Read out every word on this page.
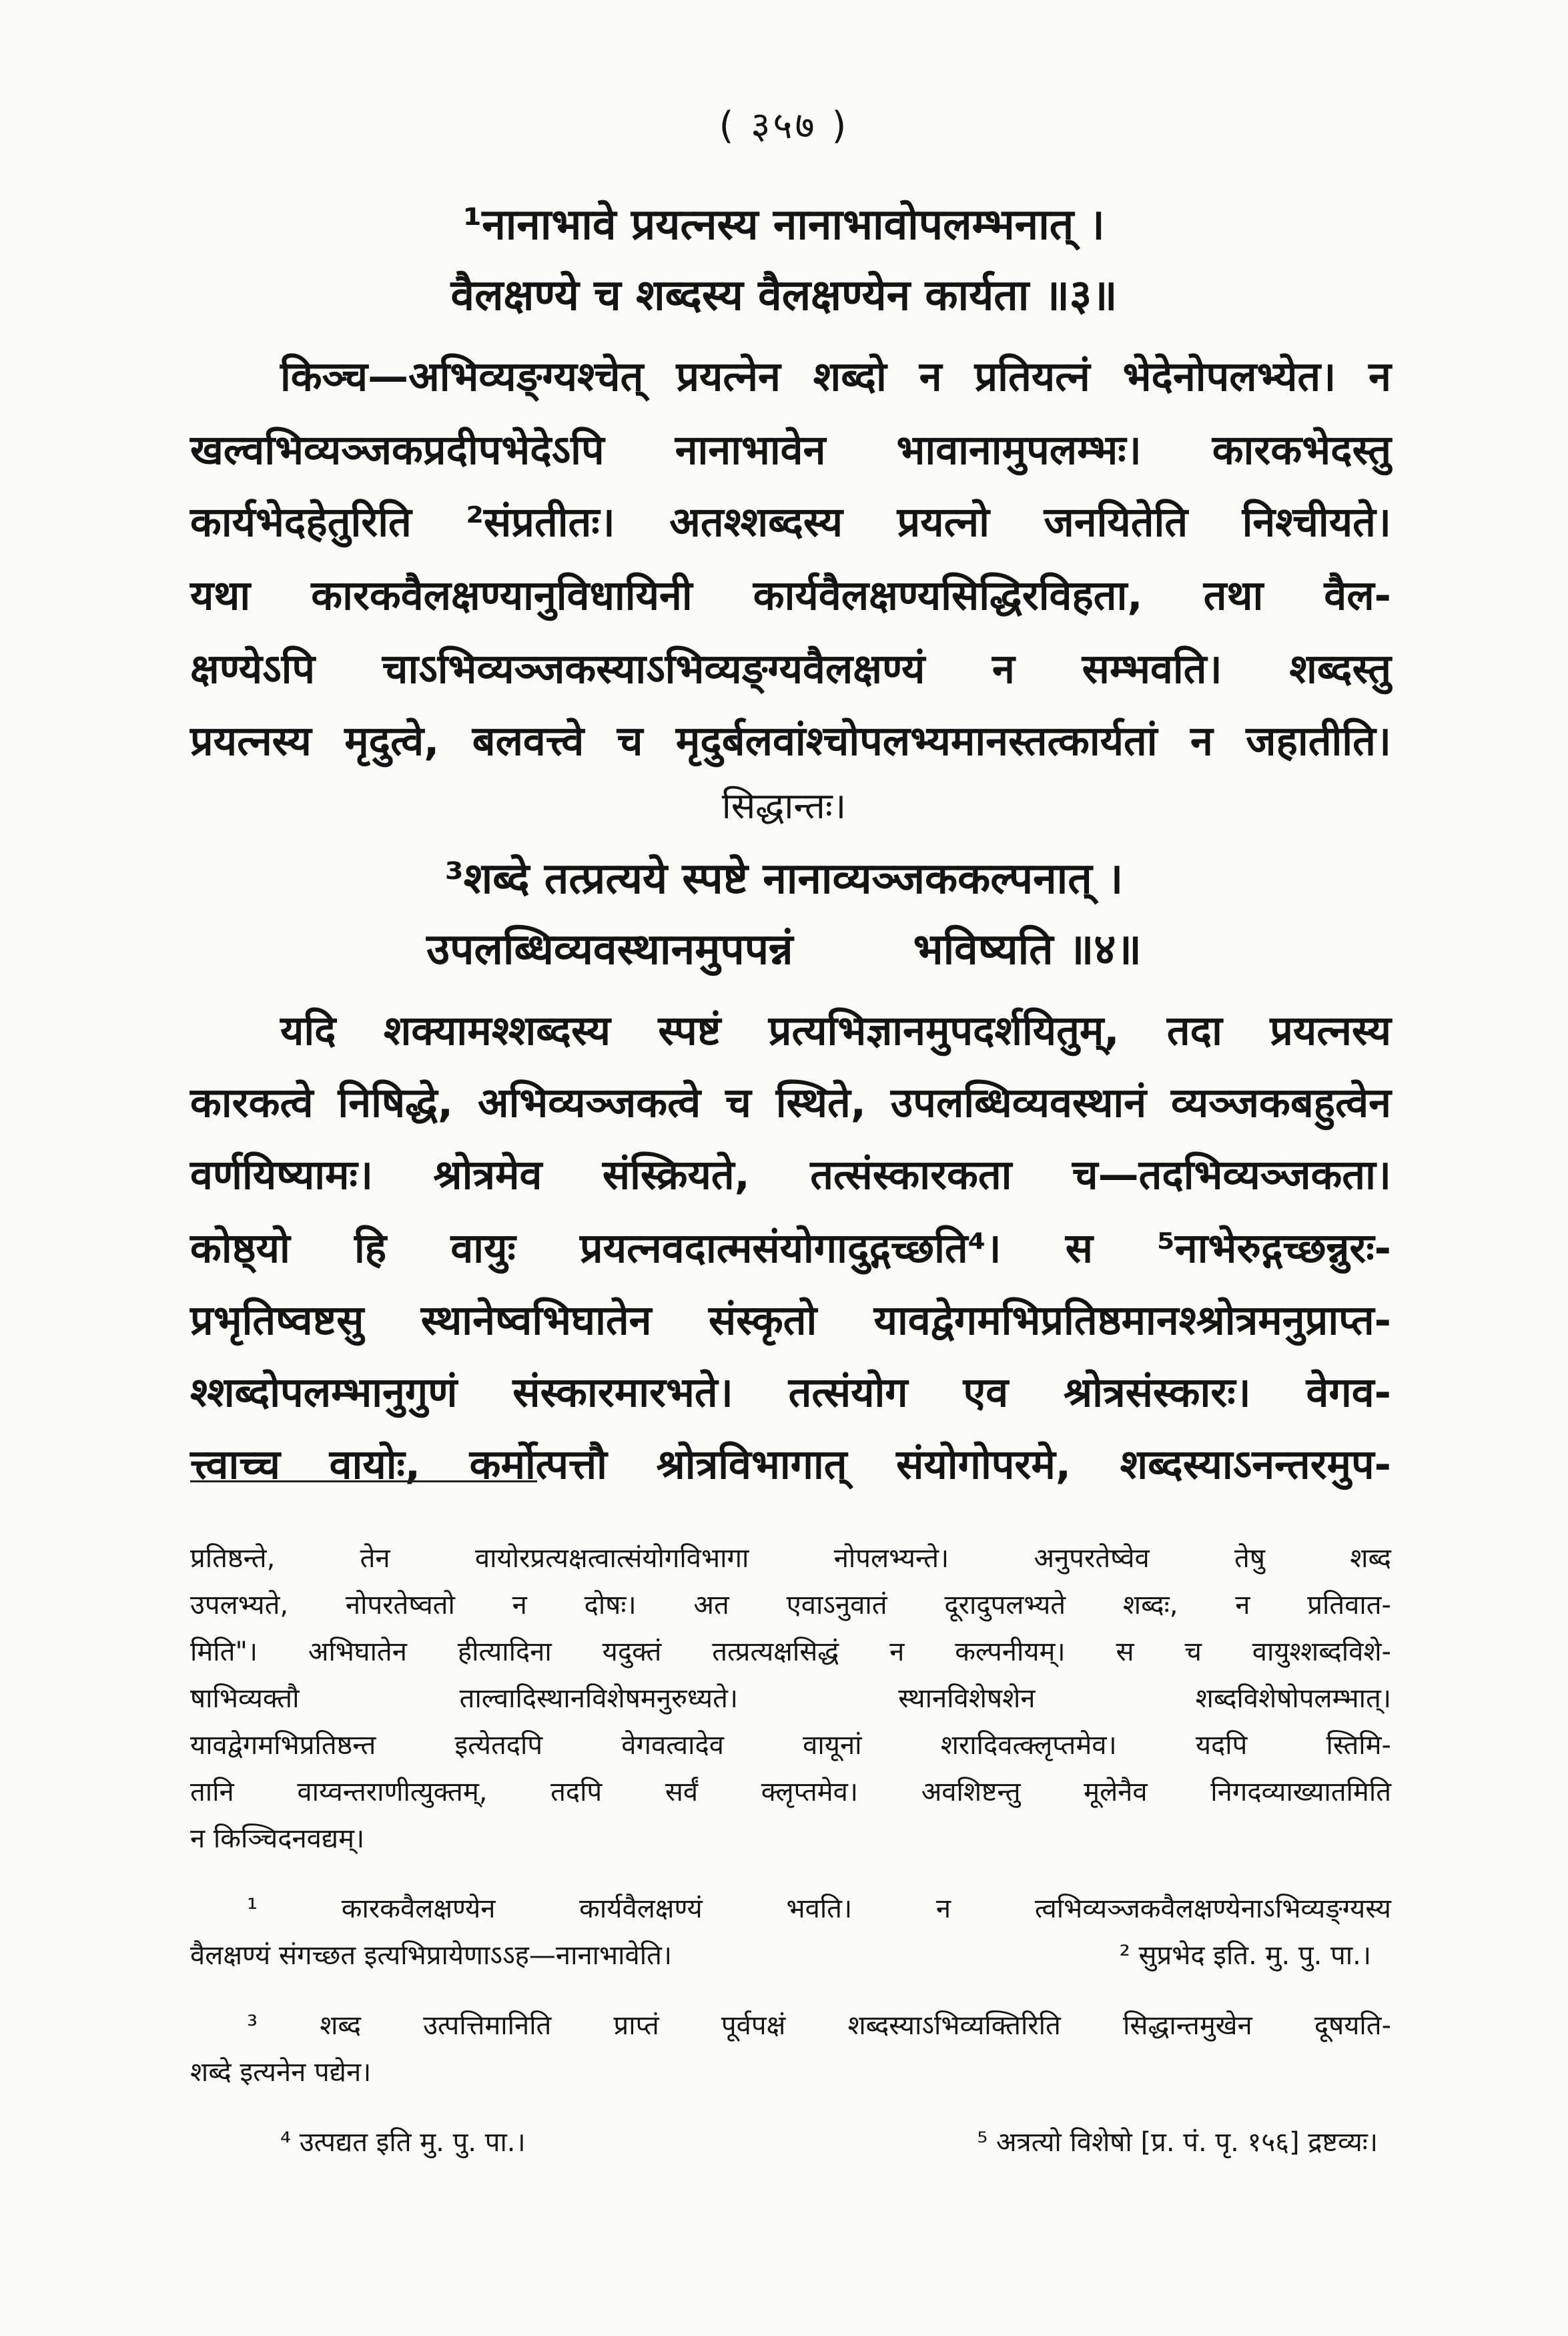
( ३५७ )
¹नानाभावे प्रयत्नस्य नानाभावोपलम्भनात् ।
वैलक्षण्ये च शब्दस्य वैलक्षण्येन कार्यता ॥३॥
किञ्च—अभिव्यङ्ग्यश्चेत् प्रयत्नेन शब्दो न प्रतियत्नं भेदेनोपलभ्येत। न
खल्वभिव्यञ्जकप्रदीपभेदेऽपि नानाभावेन भावानामुपलम्भः। कारकभेदस्तु
कार्यभेदहेतुरिति ²संप्रतीतः। अतश्शब्दस्य प्रयत्नो जनयितेति निश्चीयते।
यथा कारकवैलक्षण्यानुविधायिनी कार्यवैलक्षण्यसिद्धिरविहता, तथा वैल-
क्षण्येऽपि चाऽभिव्यञ्जकस्याऽभिव्यङ्ग्यवैलक्षण्यं न सम्भवति। शब्दस्तु
प्रयत्नस्य मृदुत्वे, बलवत्त्वे च मृदुर्बलवांश्चोपलभ्यमानस्तत्कार्यतां न जहातीति।
सिद्धान्तः।
³शब्दे तत्प्रत्यये स्पष्टे नानाव्यञ्जककल्पनात् ।
उपलब्धिव्यवस्थानमुपपन्नं	भविष्यति ॥४॥
यदि शक्यामश्शब्दस्य स्पष्टं प्रत्यभिज्ञानमुपदर्शयितुम्, तदा प्रयत्नस्य
कारकत्वे निषिद्धे, अभिव्यञ्जकत्वे च स्थिते, उपलब्धिव्यवस्थानं व्यञ्जकबहुत्वेन
वर्णयिष्यामः। श्रोत्रमेव संस्क्रियते, तत्संस्कारकता च—तदभिव्यञ्जकता।
कोष्ठ्यो हि वायुः प्रयत्नवदात्मसंयोगादुद्गच्छति⁴। स ⁵नाभेरुद्गच्छन्नुरः-
प्रभृतिष्वष्टसु स्थानेष्वभिघातेन संस्कृतो यावद्वेगमभिप्रतिष्ठमानश्श्रोत्रमनुप्राप्त-
श्शब्दोपलम्भानुगुणं संस्कारमारभते। तत्संयोग एव श्रोत्रसंस्कारः। वेगव-
त्त्वाच्च वायोः, कर्मोत्पत्तौ श्रोत्रविभागात् संयोगोपरमे, शब्दस्याऽनन्तरमुप-
प्रतिष्ठन्ते, तेन वायोरप्रत्यक्षत्वात्संयोगविभागा नोपलभ्यन्ते। अनुपरतेष्वेव तेषु शब्द
उपलभ्यते, नोपरतेष्वतो न दोषः। अत एवाऽनुवातं दूरादुपलभ्यते शब्दः, न प्रतिवात-
मिति"। अभिघातेन हीत्यादिना यदुक्तं तत्प्रत्यक्षसिद्धं न कल्पनीयम्। स च वायुश्शब्दविशे-
षाभिव्यक्तौ ताल्वादिस्थानविशेषमनुरुध्यते। स्थानविशेषशेन शब्दविशेषोपलम्भात्।
यावद्वेगमभिप्रतिष्ठन्त इत्येतदपि वेगवत्वादेव वायूनां शरादिवत्क्लृप्तमेव। यदपि स्तिमि-
तानि वाय्वन्तराणीत्युक्तम्, तदपि सर्वं क्लृप्तमेव। अवशिष्टन्तु मूलेनैव निगदव्याख्यातमिति
न किञ्चिदनवद्यम्।
¹ कारकवैलक्षण्येन कार्यवैलक्षण्यं भवति। न त्वभिव्यञ्जकवैलक्षण्येनाऽभिव्यङ्ग्यस्य
वैलक्षण्यं संगच्छत इत्यभिप्रायेणाऽऽह—नानाभावेति।	² सुप्रभेद इति. मु. पु. पा.।
³ शब्द उत्पत्तिमानिति प्राप्तं पूर्वपक्षं शब्दस्याऽभिव्यक्तिरिति सिद्धान्तमुखेन दूषयति-
शब्दे इत्यनेन पद्येन।
⁴ उत्पद्यत इति मु. पु. पा.।	⁵ अत्रत्यो विशेषो [प्र. पं. पृ. १५६] द्रष्टव्यः।
